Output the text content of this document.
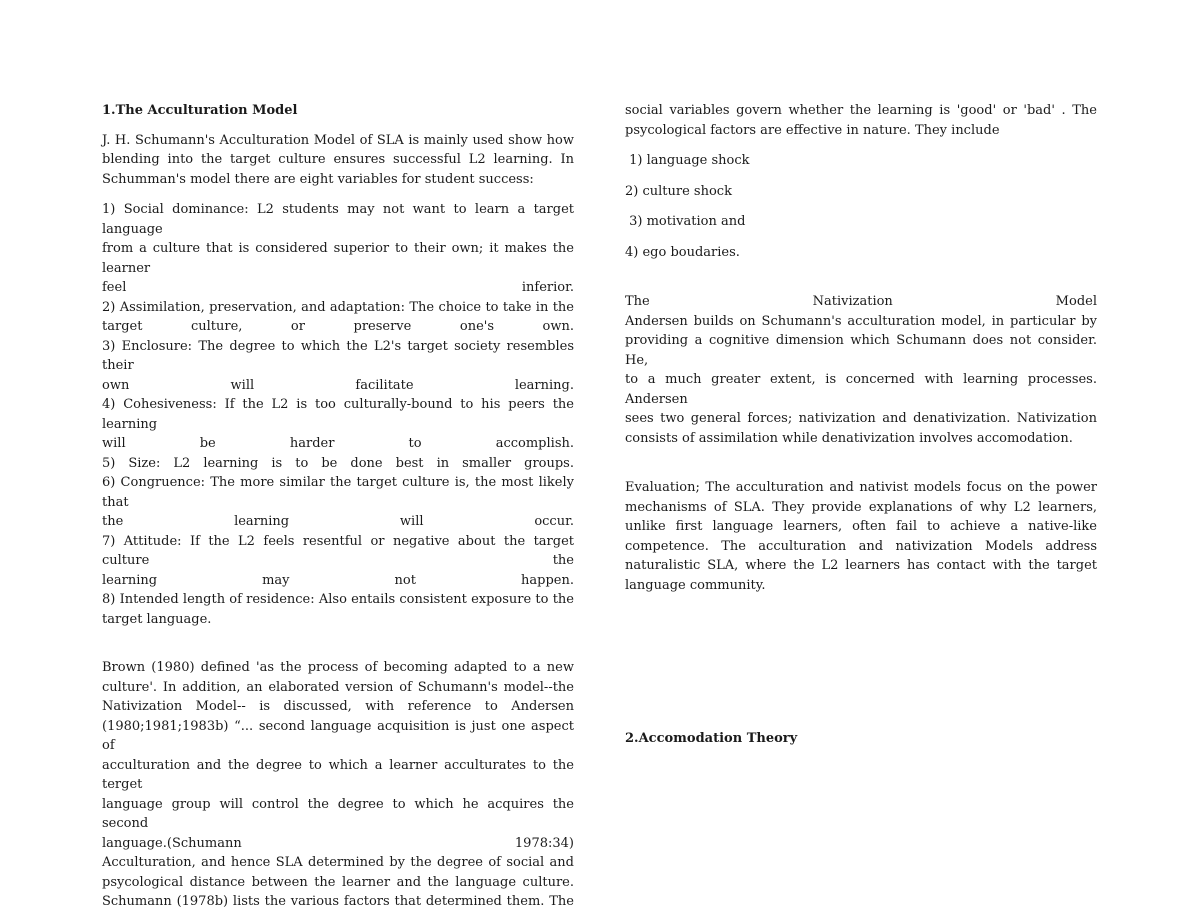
1.The Acculturation Model

J. H. Schumann's Acculturation Model of SLA is mainly used show how
blending into the target culture ensures successful L2 learning. In
Schumman's model there are eight variables for student success:
1) Social dominance: L2 students may not want to learn a target language
from a culture that is considered superior to their own; it makes the learner
feel inferior.
2) Assimilation, preservation, and adaptation: The choice to take in the
target culture, or preserve one's own.
3) Enclosure: The degree to which the L2's target society resembles their
own will facilitate learning.
4) Cohesiveness: If the L2 is too culturally-bound to his peers the learning
will be harder to accomplish.
5) Size: L2 learning is to be done best in smaller groups.
6) Congruence: The more similar the target culture is, the most likely that
the learning will occur.
7) Attitude: If the L2 feels resentful or negative about the target culture the
learning may not happen.
8) Intended length of residence: Also entails consistent exposure to the
target language.
Brown (1980) defined 'as the process of becoming adapted to a new
culture'. In addition, an elaborated version of Schumann's model--the
Nativization Model-- is discussed, with reference to Andersen
(1980;1981;1983b) “... second language acquisition is just one aspect of
acculturation and the degree to which a learner acculturates to the terget
language group will control the degree to which he acquires the second
language.(Schumann 1978:34)
Acculturation, and hence SLA determined by the degree of social and
psycological distance between the learner and the language culture.
Schumann (1978b) lists the various factors that determined them. The
social variables govern whether the learning is 'good' or 'bad' . The
psycological factors are effective in nature. They include
1) language shock
2) culture shock
3) motivation and
4) ego boudaries.
The Nativization Model
Andersen builds on Schumann's acculturation model, in particular by
providing a cognitive dimension which Schumann does not consider. He,
to a much greater extent, is concerned with learning processes. Andersen
sees two general forces; nativization and denativization. Nativization
consists of assimilation while denativization involves accomodation.
Evaluation; The acculturation and nativist models focus on the power
mechanisms of SLA. They provide explanations of why L2 learners,
unlike first language learners, often fail to achieve a native-like
competence. The acculturation and nativization Models address
naturalistic SLA, where the L2 learners has contact with the target
language community.

2.Accomodation Theory
